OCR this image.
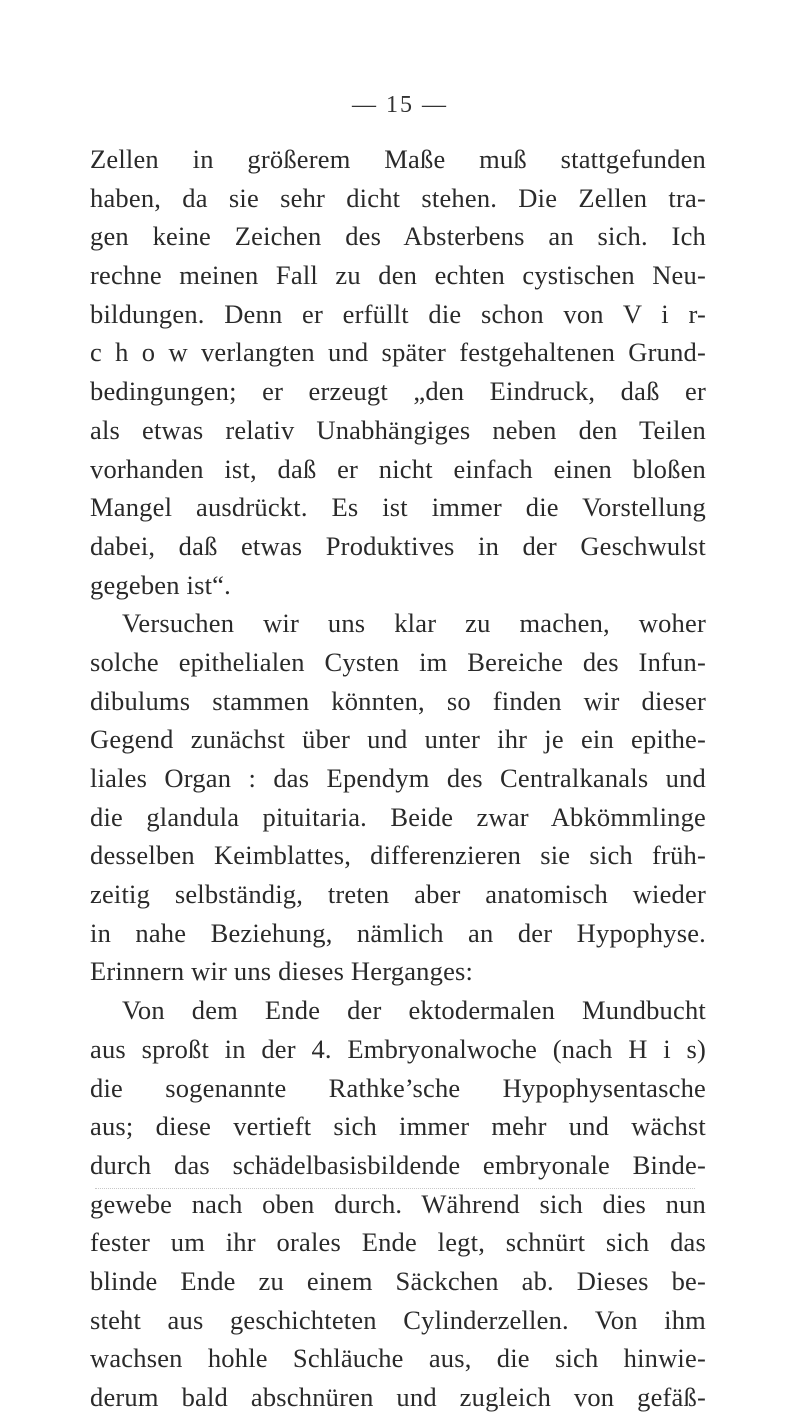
— 15 —
Zellen in größerem Maße muß stattgefunden
haben, da sie sehr dicht stehen. Die Zellen tra-
gen keine Zeichen des Absterbens an sich. Ich
rechne meinen Fall zu den echten cystischen Neu-
bildungen. Denn er erfüllt die schon von V i r-
c h o w verlangten und später festgehaltenen Grund-
bedingungen; er erzeugt „den Eindruck, daß er
als etwas relativ Unabhängiges neben den Teilen
vorhanden ist, daß er nicht einfach einen bloßen
Mangel ausdrückt. Es ist immer die Vorstellung
dabei, daß etwas Produktives in der Geschwulst
gegeben ist“.
Versuchen wir uns klar zu machen, woher
solche epithelialen Cysten im Bereiche des Infun-
dibulums stammen könnten, so finden wir dieser
Gegend zunächst über und unter ihr je ein epithe-
liales Organ : das Ependym des Centralkanals und
die glandula pituitaria. Beide zwar Abkömmlinge
desselben Keimblattes, differenzieren sie sich früh-
zeitig selbständig, treten aber anatomisch wieder
in nahe Beziehung, nämlich an der Hypophyse.
Erinnern wir uns dieses Herganges:
Von dem Ende der ektodermalen Mundbucht
aus sproßt in der 4. Embryonalwoche (nach H i s)
die sogenannte Rathke’sche Hypophysentasche
aus; diese vertieft sich immer mehr und wächst
durch das schädelbasisbildende embryonale Binde-
gewebe nach oben durch. Während sich dies nun
fester um ihr orales Ende legt, schnürt sich das
blinde Ende zu einem Säckchen ab. Dieses be-
steht aus geschichteten Cylinderzellen. Von ihm
wachsen hohle Schläuche aus, die sich hinwie-
derum bald abschnüren und zugleich von gefäß-
